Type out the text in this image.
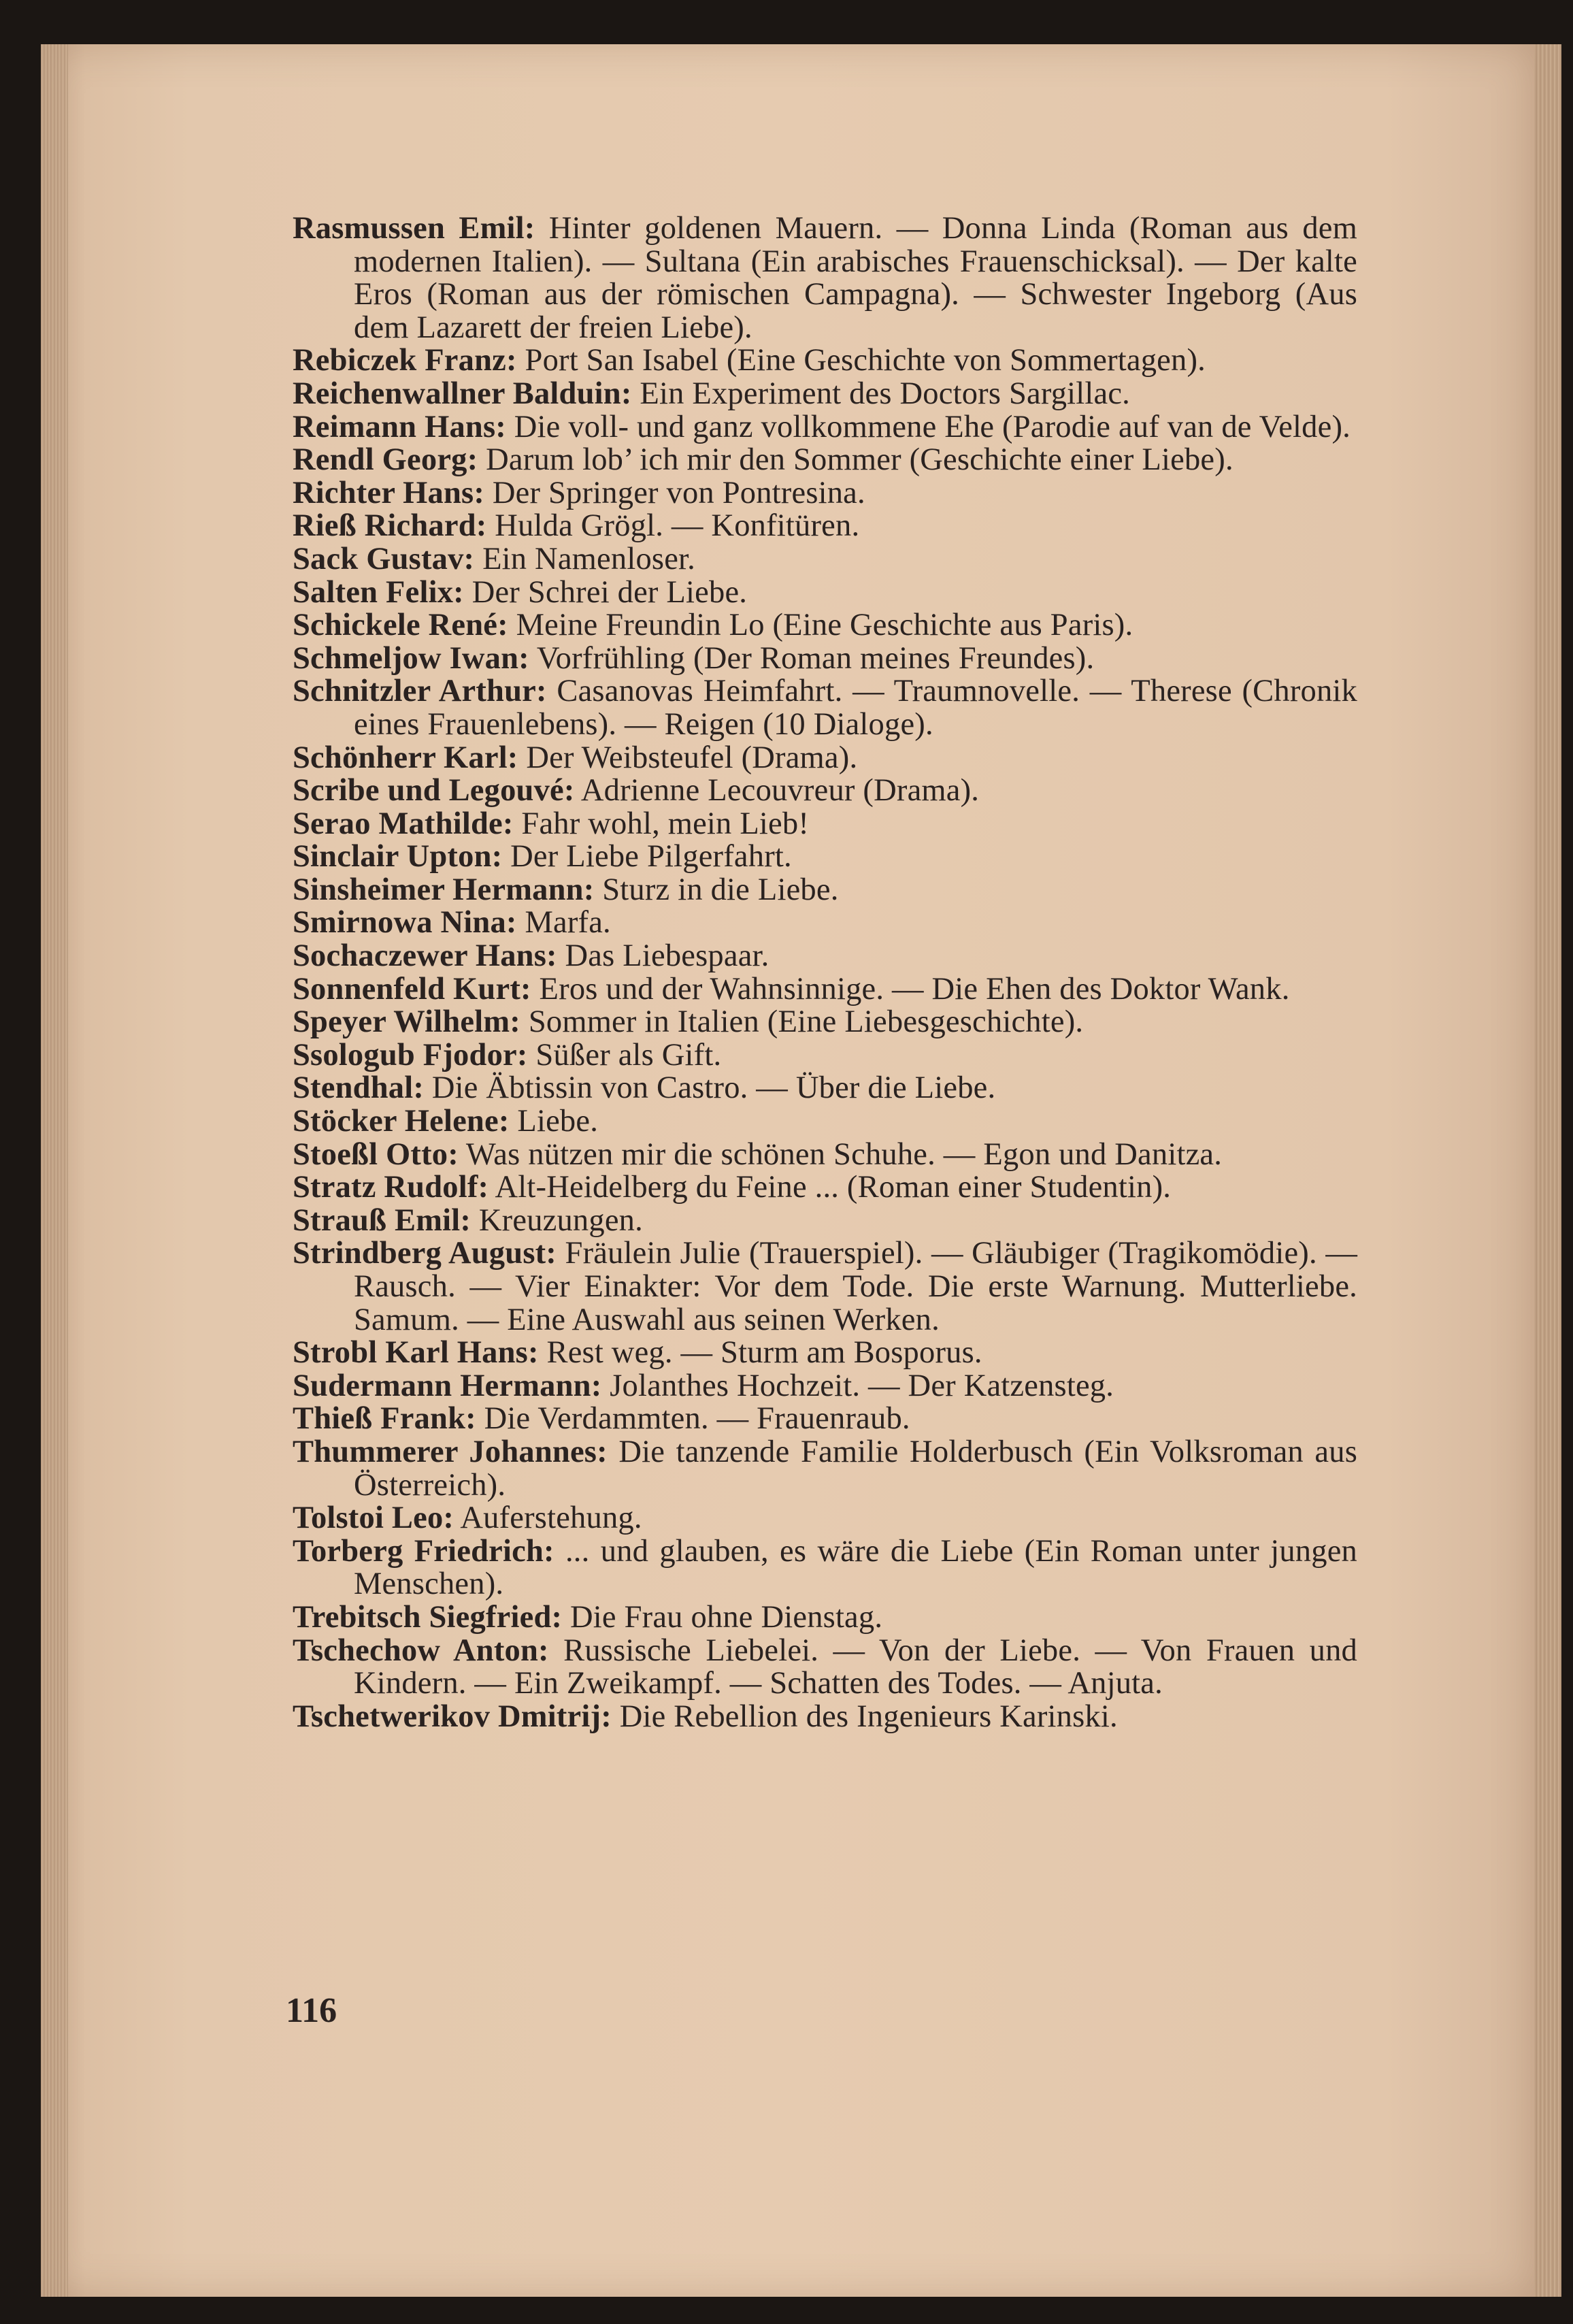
Rasmussen Emil: Hinter goldenen Mauern. — Donna Linda (Roman aus dem modernen Italien). — Sultana (Ein arabisches Frauenschicksal). — Der kalte Eros (Roman aus der römischen Campagna). — Schwester Ingeborg (Aus dem Lazarett der freien Liebe).

Rebiczek Franz: Port San Isabel (Eine Geschichte von Sommertagen).

Reichenwallner Balduin: Ein Experiment des Doctors Sargillac.

Reimann Hans: Die voll- und ganz vollkommene Ehe (Parodie auf van de Velde).

Rendl Georg: Darum lob’ ich mir den Sommer (Geschichte einer Liebe).

Richter Hans: Der Springer von Pontresina.

Rieß Richard: Hulda Grögl. — Konfitüren.

Sack Gustav: Ein Namenloser.

Salten Felix: Der Schrei der Liebe.

Schickele René: Meine Freundin Lo (Eine Geschichte aus Paris).

Schmeljow Iwan: Vorfrühling (Der Roman meines Freundes).

Schnitzler Arthur: Casanovas Heimfahrt. — Traumnovelle. — Therese (Chronik eines Frauenlebens). — Reigen (10 Dialoge).

Schönherr Karl: Der Weibsteufel (Drama).

Scribe und Legouvé: Adrienne Lecouvreur (Drama).

Serao Mathilde: Fahr wohl, mein Lieb!

Sinclair Upton: Der Liebe Pilgerfahrt.

Sinsheimer Hermann: Sturz in die Liebe.

Smirnowa Nina: Marfa.

Sochaczewer Hans: Das Liebespaar.

Sonnenfeld Kurt: Eros und der Wahnsinnige. — Die Ehen des Doktor Wank.

Speyer Wilhelm: Sommer in Italien (Eine Liebesgeschichte).

Ssologub Fjodor: Süßer als Gift.

Stendhal: Die Äbtissin von Castro. — Über die Liebe.

Stöcker Helene: Liebe.

Stoeßl Otto: Was nützen mir die schönen Schuhe. — Egon und Danitza.

Stratz Rudolf: Alt-Heidelberg du Feine ... (Roman einer Studentin).

Strauß Emil: Kreuzungen.

Strindberg August: Fräulein Julie (Trauerspiel). — Gläubiger (Tragikomödie). — Rausch. — Vier Einakter: Vor dem Tode. Die erste Warnung. Mutterliebe. Samum. — Eine Auswahl aus seinen Werken.

Strobl Karl Hans: Rest weg. — Sturm am Bosporus.

Sudermann Hermann: Jolanthes Hochzeit. — Der Katzensteg.

Thieß Frank: Die Verdammten. — Frauenraub.

Thummerer Johannes: Die tanzende Familie Holderbusch (Ein Volksroman aus Österreich).

Tolstoi Leo: Auferstehung.

Torberg Friedrich: ... und glauben, es wäre die Liebe (Ein Roman unter jungen Menschen).

Trebitsch Siegfried: Die Frau ohne Dienstag.

Tschechow Anton: Russische Liebelei. — Von der Liebe. — Von Frauen und Kindern. — Ein Zweikampf. — Schatten des Todes. — Anjuta.

Tschetwerikov Dmitrij: Die Rebellion des Ingenieurs Karinski.

116
